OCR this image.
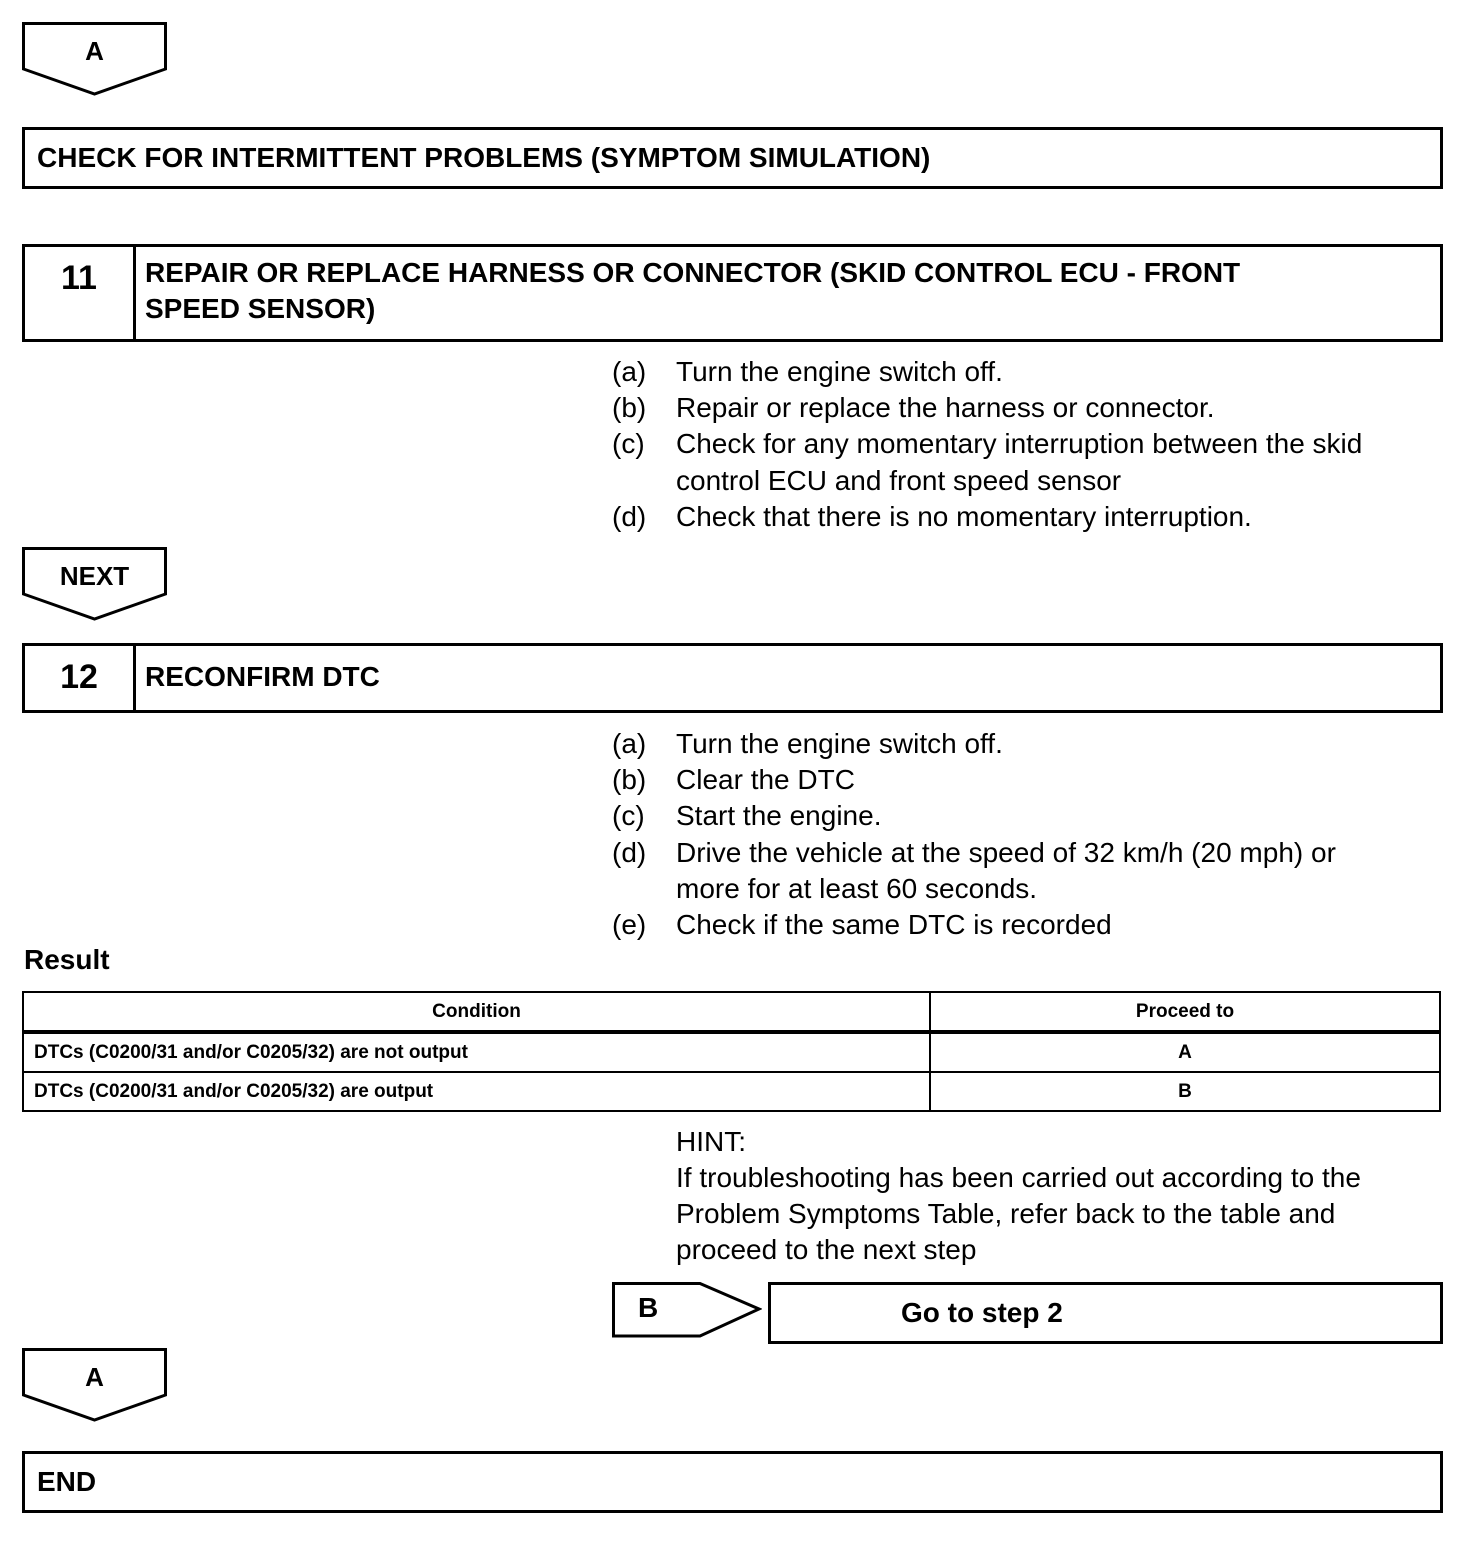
A
CHECK FOR INTERMITTENT PROBLEMS (SYMPTOM SIMULATION)
11	REPAIR OR REPLACE HARNESS OR CONNECTOR (SKID CONTROL ECU - FRONT
SPEED SENSOR)
(a)	Turn the engine switch off.
(b)	Repair or replace the harness or connector.
(c)	Check for any momentary interruption between the skid
control ECU and front speed sensor
(d)	Check that there is no momentary interruption.
NEXT
12	RECONFIRM DTC
(a)	Turn the engine switch off.
(b)	Clear the DTC
(c)	Start the engine.
(d)	Drive the vehicle at the speed of 32 km/h (20 mph) or
more for at least 60 seconds.
(e)	Check if the same DTC is recorded
Result
Condition	Proceed to
DTCs (C0200/31 and/or C0205/32) are not output	A
DTCs (C0200/31 and/or C0205/32) are output	B
HINT:
If troubleshooting has been carried out according to the
Problem Symptoms Table, refer back to the table and
proceed to the next step
B	Go to step 2
A
END
